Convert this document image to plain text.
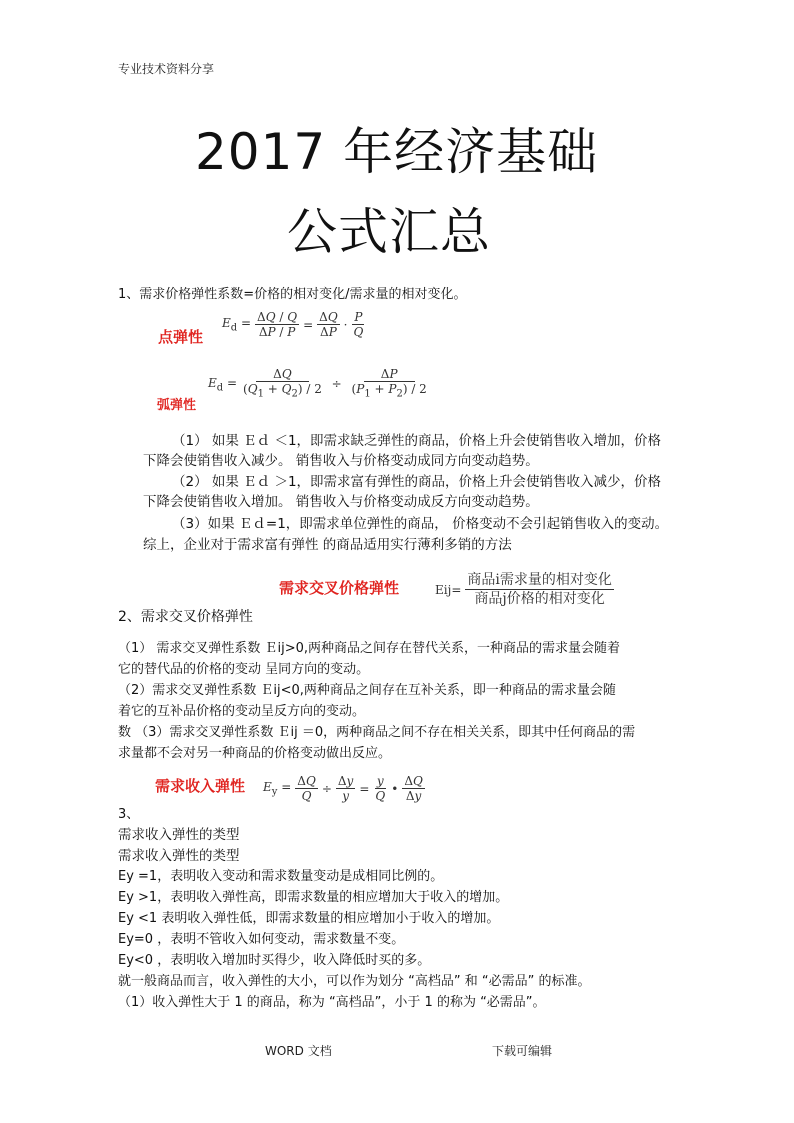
专业技术资料分享
2017 年经济基础
公式汇总
1、需求价格弹性系数=价格的相对变化/需求量的相对变化。
点弹性
$E_d = \frac{\Delta Q / Q}{\Delta P / P} = \frac{\Delta Q}{\Delta P} \cdot \frac{P}{Q}$
弧弹性
$E_d = \frac{\Delta Q}{(Q_1 + Q_2) / 2} \div \frac{\Delta P}{(P_1 + P_2) / 2}$
（1） 如果 Ｅｄ ＜1，即需求缺乏弹性的商品，价格上升会使销售收入增加，价格
下降会使销售收入减少。 销售收入与价格变动成同方向变动趋势。
（2） 如果 Ｅｄ ＞1，即需求富有弹性的商品，价格上升会使销售收入减少，价格
下降会使销售收入增加。 销售收入与价格变动成反方向变动趋势。
（3）如果 Ｅｄ=1，即需求单位弹性的商品， 价格变动不会引起销售收入的变动。
综上，企业对于需求富有弹性 的商品适用实行薄利多销的方法
需求交叉价格弹性	$Eij= \frac{\text{商品i需求量的相对变化}}{\text{商品j价格的相对变化}}$
2、需求交叉价格弹性
（1） 需求交叉弹性系数 Ｅij>0,两种商品之间存在替代关系，一种商品的需求量会随着
它的替代品的价格的变动 呈同方向的变动。
（2）需求交叉弹性系数 Ｅij<0,两种商品之间存在互补关系，即一种商品的需求量会随
着它的互补品价格的变动呈反方向的变动。
数 （3）需求交叉弹性系数 Ｅij ＝0，两种商品之间不存在相关关系，即其中任何商品的需
求量都不会对另一种商品的价格变动做出反应。
需求收入弹性 $E_y = \frac{\Delta Q}{Q} \div \frac{\Delta y}{y} = \frac{y}{Q}$ • $\frac{\Delta Q}{\Delta y}$
3、
需求收入弹性的类型
需求收入弹性的类型
Ey =1，表明收入变动和需求数量变动是成相同比例的。
Ey >1，表明收入弹性高，即需求数量的相应增加大于收入的增加。
Ey <1 表明收入弹性低，即需求数量的相应增加小于收入的增加。
Ey=0 ，表明不管收入如何变动，需求数量不变。
Ey<0 ，表明收入增加时买得少，收入降低时买的多。
就一般商品而言，收入弹性的大小，可以作为划分 “高档品” 和 “必需品” 的标准。
（1）收入弹性大于 1 的商品，称为 “高档品”，小于 1 的称为 “必需品”。
WORD 文档	下载可编辑
